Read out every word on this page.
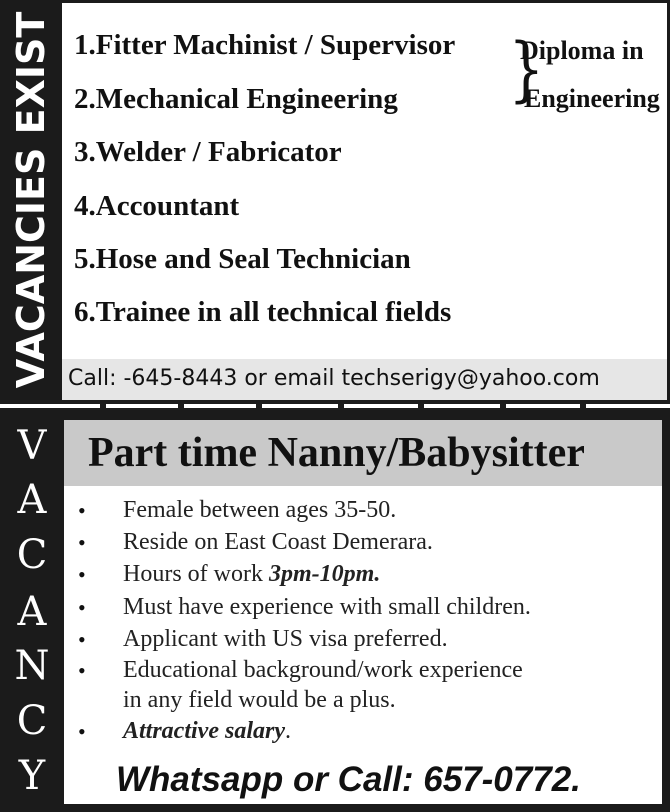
VACANCIES EXIST 1.Fitter Machinist / Supervisor
2.Mechanical Engineering
3.Welder / Fabricator
4.Accountant
5.Hose and Seal Technician
6.Trainee in all technical fields
}
Diploma in
Engineering
Call: -645-8443 or email techserigy@yahoo.com
V
A
C
A
N
C
Y
Part time Nanny/Babysitter
• Female between ages 35-50.
• Reside on East Coast Demerara.
• Hours of work 3pm-10pm.
• Must have experience with small children.
• Applicant with US visa preferred.
• Educational background/work experience
in any field would be a plus.
• Attractive salary.
Whatsapp or Call: 657-0772.
